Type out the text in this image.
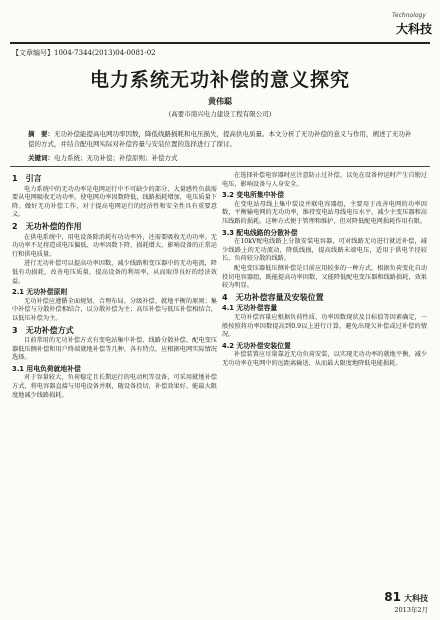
Technology
大科技
【文章编号】1004-7344(2013)04-0081-02
电力系统无功补偿的意义探究
黄伟聪
(高要市南兴电力建设工程有限公司)
摘　要：无功补偿能提高电网功率因数，降低线路损耗和电压损失，提高供电质量。本文分析了无功补偿的意义与作用，阐述了无功补偿的方式，并结合配电网实际对补偿容量与安装位置的选择进行了探讨。
关键词：电力系统；无功补偿；补偿原则；补偿方式
1　引言

电力系统中的无功功率是电网运行中不可缺少的部分，大量感性负载需要从电网吸收无功功率，使电网功率因数降低，线路损耗增加，电压质量下降。做好无功补偿工作，对于提高电网运行的经济性和安全性具有重要意义。

2　无功补偿的作用

在供电系统中，用电设备除消耗有功功率外，还需要吸收无功功率。无功功率不足将造成电压偏低、功率因数下降、损耗增大，影响设备的正常运行和供电质量。

进行无功补偿可以提高功率因数，减少线路和变压器中的无功电流，降低有功损耗，改善电压质量，提高设备的利用率，从而取得良好的经济效益。

2.1 无功补偿原则

无功补偿应遵循全面规划、合理布局、分级补偿、就地平衡的原则；集中补偿与分散补偿相结合，以分散补偿为主；高压补偿与低压补偿相结合，以低压补偿为主。

3　无功补偿方式

目前常用的无功补偿方式有变电站集中补偿、线路分散补偿、配电变压器低压侧补偿和用户终端就地补偿等几种，各有特点，应根据电网实际情况选择。

3.1 用电负荷就地补偿

对于容量较大、负荷稳定且长期运行的电动机等设备，可采用就地补偿方式，将电容器直接与用电设备并联，随设备投切，补偿效果好，能最大限度地减少线路损耗。

在选择补偿电容器时应注意防止过补偿，以免在设备停运时产生自励过电压，影响设备与人身安全。

3.2 变电所集中补偿

在变电站母线上集中装设并联电容器组，主要用于改善电网的功率因数，平衡输电网的无功功率，维持变电站母线电压水平，减少主变压器和高压线路的损耗。这种方式便于管理和维护，但对降低配电网损耗作用有限。

3.3 配电线路的分散补偿

在10kV配电线路上分散安装电容器，可对线路无功进行就近补偿，减少线路上的无功流动，降低线损，提高线路末端电压，适用于供电半径较长、负荷较分散的线路。

配电变压器低压侧补偿是目前应用较多的一种方式，根据负荷变化自动投切电容器组，既能提高功率因数，又能降低配电变压器和线路损耗，效果较为明显。

4　无功补偿容量及安装位置
4.1 无功补偿容量

无功补偿容量应根据负荷性质、功率因数现状及目标值等因素确定，一般按照将功率因数提高到0.9以上进行计算，避免出现欠补偿或过补偿的情况。

4.2 无功补偿安装位置

补偿装置应尽量靠近无功负荷安装，以实现无功功率的就地平衡，减少无功功率在电网中的远距离输送，从而最大限度地降低电能损耗。

81 大科技
2013年2月
